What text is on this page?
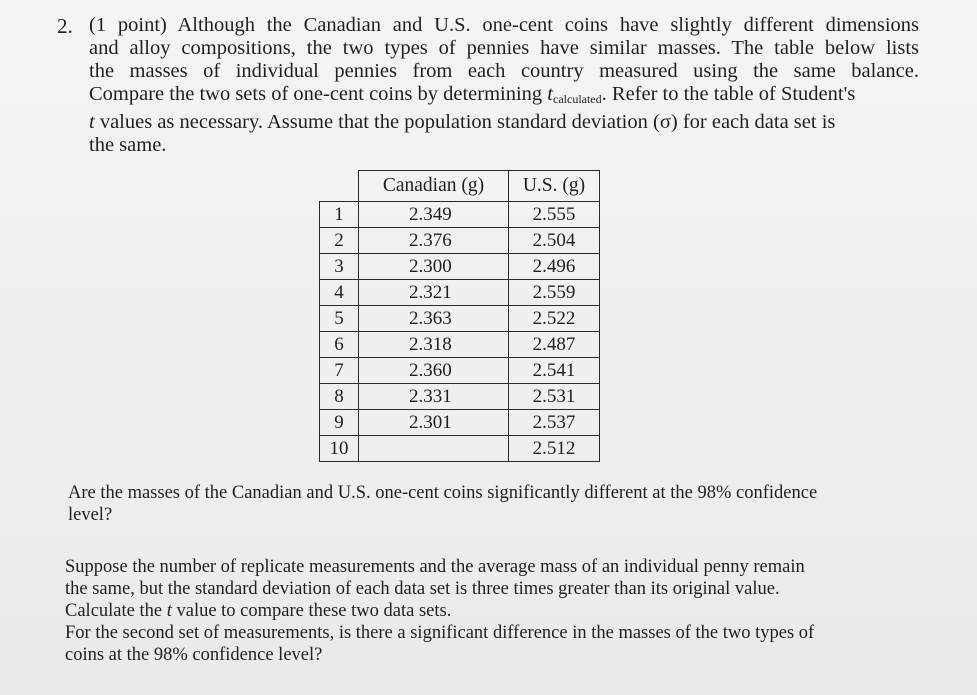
2. (1 point) Although the Canadian and U.S. one-cent coins have slightly different dimensions
and alloy compositions, the two types of pennies have similar masses. The table below lists
the masses of individual pennies from each country measured using the same balance.
Compare the two sets of one-cent coins by determining $t_{calculated}$. Refer to the table of Student's
t values as necessary. Assume that the population standard deviation (σ) for each data set is
the same.
	Canadian (g)	U.S. (g)
1	2.349	2.555
2	2.376	2.504
3	2.300	2.496
4	2.321	2.559
5	2.363	2.522
6	2.318	2.487
7	2.360	2.541
8	2.331	2.531
9	2.301	2.537
10		2.512
Are the masses of the Canadian and U.S. one-cent coins significantly different at the 98% confidence
level?
Suppose the number of replicate measurements and the average mass of an individual penny remain
the same, but the standard deviation of each data set is three times greater than its original value.
Calculate the t value to compare these two data sets.
For the second set of measurements, is there a significant difference in the masses of the two types of
coins at the 98% confidence level?
